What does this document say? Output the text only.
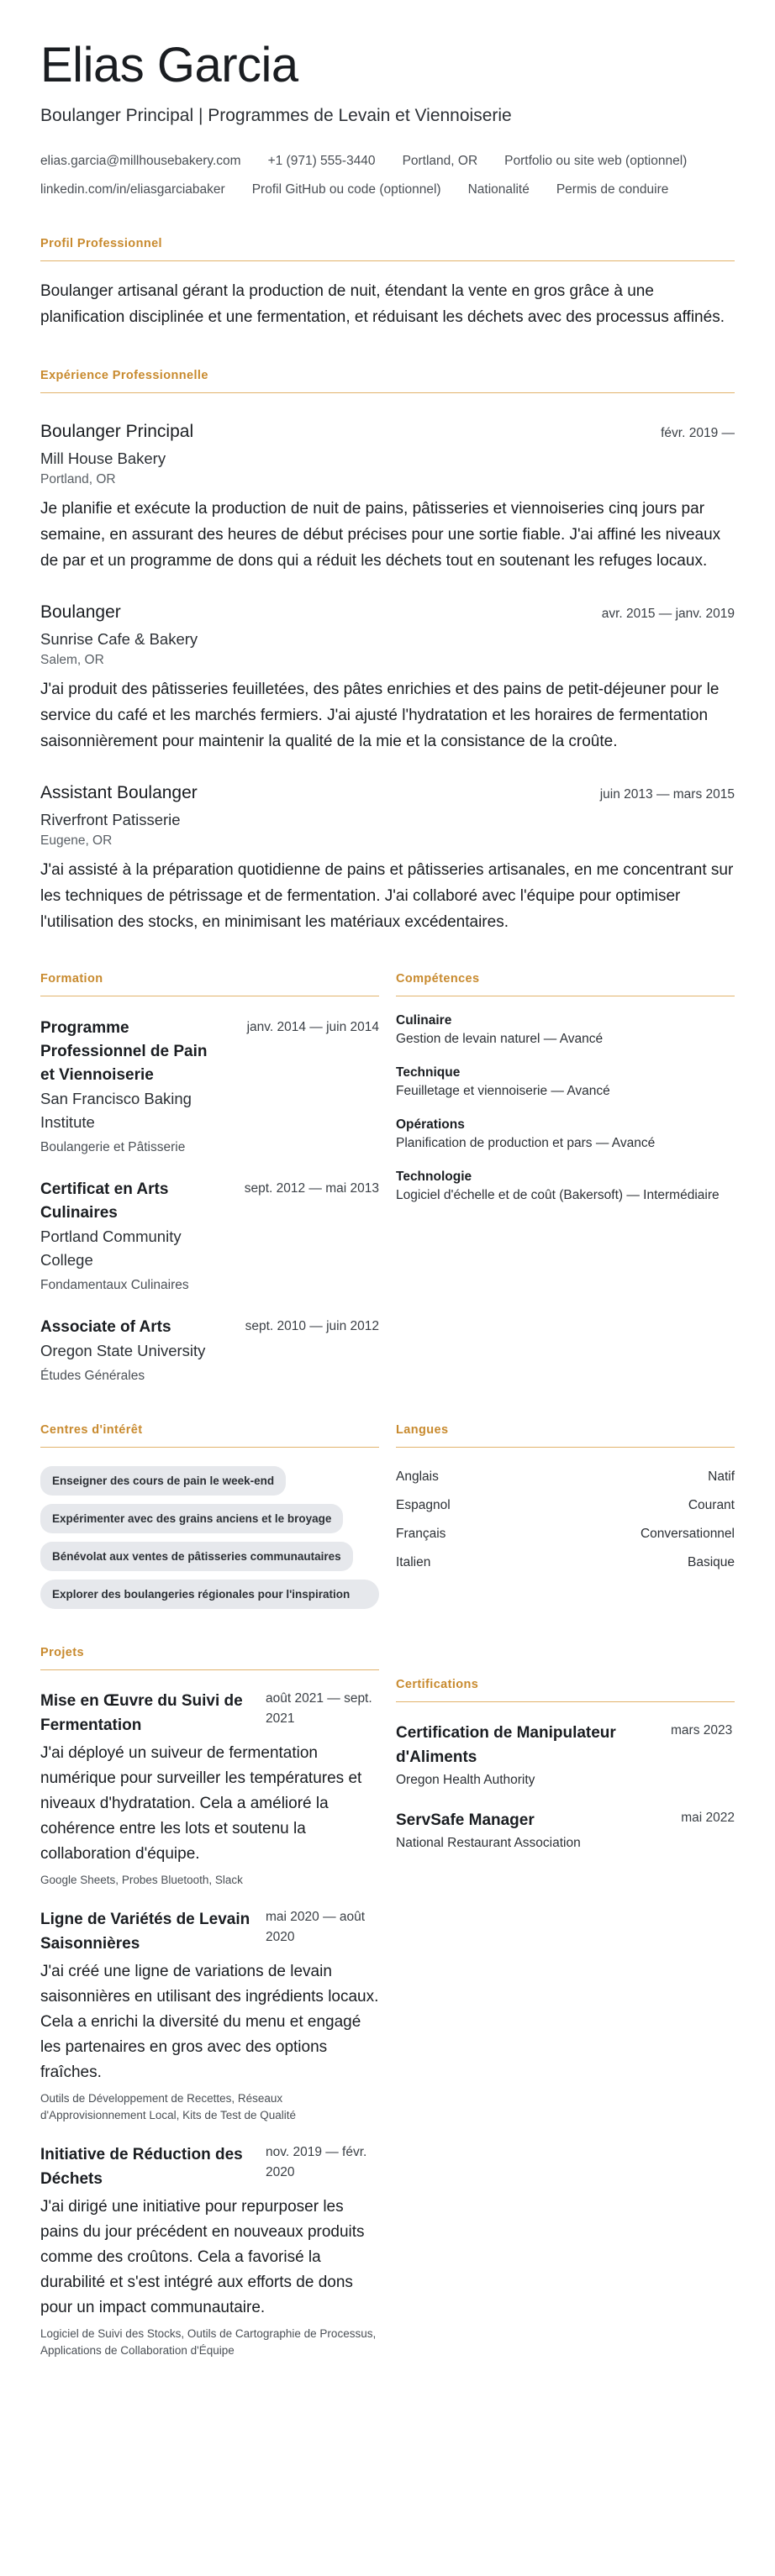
Elias Garcia
Boulanger Principal | Programmes de Levain et Viennoiserie
elias.garcia@millhousebakery.com +1 (971) 555-3440 Portland, OR Portfolio ou site web (optionnel)
linkedin.com/in/eliasgarciabaker Profil GitHub ou code (optionnel) Nationalité Permis de conduire
Profil Professionnel
Boulanger artisanal gérant la production de nuit, étendant la vente en gros grâce à une planification disciplinée et une fermentation, et réduisant les déchets avec des processus affinés.
Expérience Professionnelle
Boulanger Principal	févr. 2019 —
Mill House Bakery
Portland, OR
Je planifie et exécute la production de nuit de pains, pâtisseries et viennoiseries cinq jours par semaine, en assurant des heures de début précises pour une sortie fiable. J'ai affiné les niveaux de par et un programme de dons qui a réduit les déchets tout en soutenant les refuges locaux.
Boulanger	avr. 2015 — janv. 2019
Sunrise Cafe & Bakery
Salem, OR
J'ai produit des pâtisseries feuilletées, des pâtes enrichies et des pains de petit-déjeuner pour le service du café et les marchés fermiers. J'ai ajusté l'hydratation et les horaires de fermentation saisonnièrement pour maintenir la qualité de la mie et la consistance de la croûte.
Assistant Boulanger	juin 2013 — mars 2015
Riverfront Patisserie
Eugene, OR
J'ai assisté à la préparation quotidienne de pains et pâtisseries artisanales, en me concentrant sur les techniques de pétrissage et de fermentation. J'ai collaboré avec l'équipe pour optimiser l'utilisation des stocks, en minimisant les matériaux excédentaires.
Formation
Programme Professionnel de Pain et Viennoiserie
janv. 2014 — juin 2014
San Francisco Baking Institute
Boulangerie et Pâtisserie
Certificat en Arts Culinaires
sept. 2012 — mai 2013
Portland Community College
Fondamentaux Culinaires
Associate of Arts	sept. 2010 — juin 2012
Oregon State University
Études Générales
Compétences
Culinaire
Gestion de levain naturel — Avancé
Technique
Feuilletage et viennoiserie — Avancé
Opérations
Planification de production et pars — Avancé
Technologie
Logiciel d'échelle et de coût (Bakersoft) — Intermédiaire
Centres d'intérêt
Enseigner des cours de pain le week-end
Expérimenter avec des grains anciens et le broyage
Bénévolat aux ventes de pâtisseries communautaires
Explorer des boulangeries régionales pour l'inspiration
Langues
Anglais	Natif
Espagnol	Courant
Français	Conversationnel
Italien	Basique
Projets
Mise en Œuvre du Suivi de Fermentation
août 2021 — sept. 2021
J'ai déployé un suiveur de fermentation numérique pour surveiller les températures et niveaux d'hydratation. Cela a amélioré la cohérence entre les lots et soutenu la collaboration d'équipe.
Google Sheets, Probes Bluetooth, Slack
Ligne de Variétés de Levain Saisonnières
mai 2020 — août 2020
J'ai créé une ligne de variations de levain saisonnières en utilisant des ingrédients locaux. Cela a enrichi la diversité du menu et engagé les partenaires en gros avec des options fraîches.
Outils de Développement de Recettes, Réseaux d'Approvisionnement Local, Kits de Test de Qualité
Initiative de Réduction des Déchets
nov. 2019 — févr. 2020
J'ai dirigé une initiative pour repurposer les pains du jour précédent en nouveaux produits comme des croûtons. Cela a favorisé la durabilité et s'est intégré aux efforts de dons pour un impact communautaire.
Logiciel de Suivi des Stocks, Outils de Cartographie de Processus, Applications de Collaboration d'Équipe
Certifications
Certification de Manipulateur d'Aliments
mars 2023
Oregon Health Authority
ServSafe Manager	mai 2022
National Restaurant Association
